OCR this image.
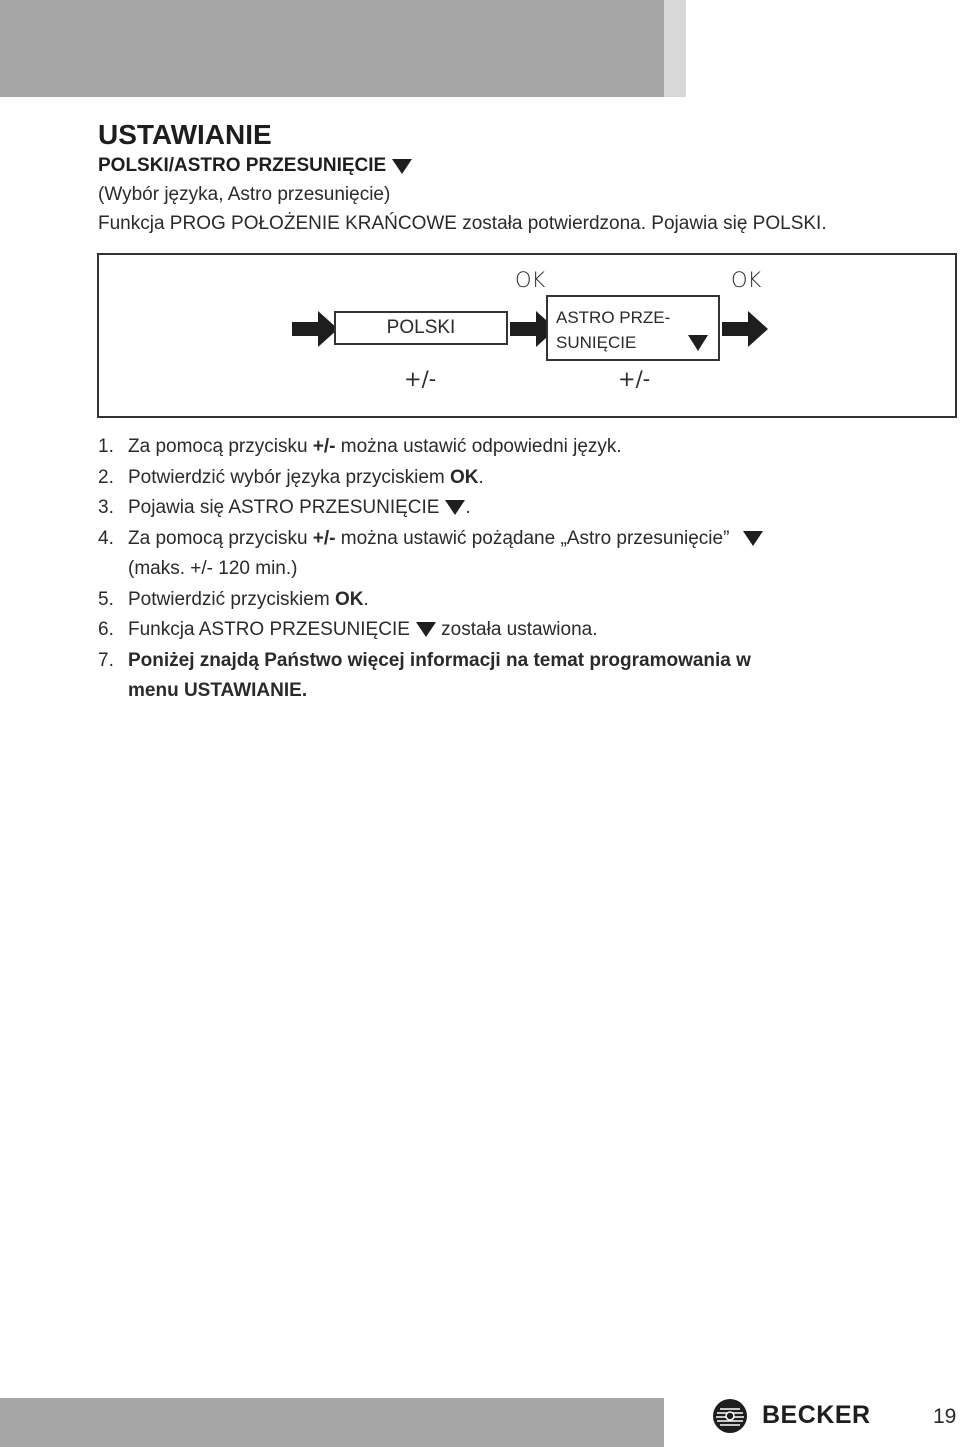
USTAWIANIE
POLSKI/ASTRO PRZESUNIĘCIE
(Wybór języka, Astro przesunięcie)
Funkcja PROG POŁOŻENIE KRAŃCOWE została potwierdzona. Pojawia się POLSKI.
POLSKI	ASTRO PRZE-
SUNIĘCIE
OK	OK
+/-	+/-
1. Za pomocą przycisku +/- można ustawić odpowiedni język.
2. Potwierdzić wybór języka przyciskiem OK.
3. Pojawia się ASTRO PRZESUNIĘCIE .
4. Za pomocą przycisku +/- można ustawić pożądane „Astro przesunięcie”
(maks. +/- 120 min.)
5. Potwierdzić przyciskiem OK.
6. Funkcja ASTRO PRZESUNIĘCIE została ustawiona.
7. Poniżej znajdą Państwo więcej informacji na temat programowania w
menu USTAWIANIE.
BECKER	19
